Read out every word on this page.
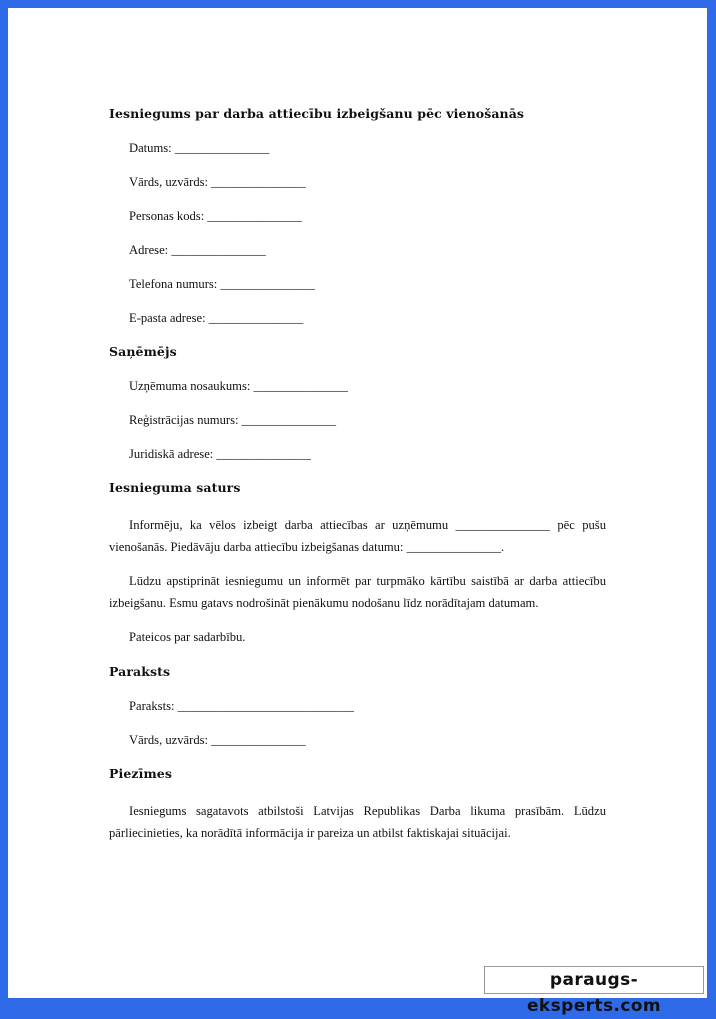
Iesniegums par darba attiecību izbeigšanu pēc vienošanās

Datums: _______________

Vārds, uzvārds: _______________

Personas kods: _______________

Adrese: _______________

Telefona numurs: _______________

E-pasta adrese: _______________

Saņēmējs

Uzņēmuma nosaukums: _______________

Reģistrācijas numurs: _______________

Juridiskā adrese: _______________

Iesnieguma saturs

Informēju, ka vēlos izbeigt darba attiecības ar uzņēmumu _______________ pēc pušu vienošanās. Piedāvāju darba attiecību izbeigšanas datumu: _______________.

Lūdzu apstiprināt iesniegumu un informēt par turpmāko kārtību saistībā ar darba attiecību izbeigšanu. Esmu gatavs nodrošināt pienākumu nodošanu līdz norādītajam datumam.

Pateicos par sadarbību.

Paraksts

Paraksts: ____________________________

Vārds, uzvārds: _______________

Piezīmes

Iesniegums sagatavots atbilstoši Latvijas Republikas Darba likuma prasībām. Lūdzu pārliecinieties, ka norādītā informācija ir pareiza un atbilst faktiskajai situācijai.

paraugs-eksperts.com
